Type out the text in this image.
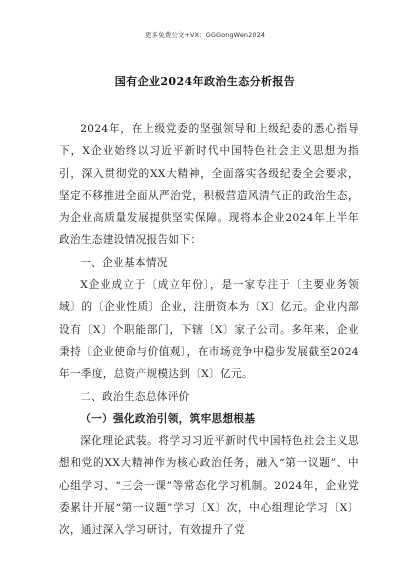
更多免费公文+VX：GGGongWen2024
国有企业2024年政治生态分析报告

2024年，在上级党委的坚强领导和上级纪委的悉心指导下，X企业始终以习近平新时代中国特色社会主义思想为指引，深入贯彻党的XX大精神，全面落实各级纪委全会要求，坚定不移推进全面从严治党，积极营造风清气正的政治生态，为企业高质量发展提供坚实保障。现将本企业2024年上半年政治生态建设情况报告如下：

一、企业基本情况

X企业成立于〔成立年份〕，是一家专注于〔主要业务领域〕的〔企业性质〕企业，注册资本为〔X〕亿元。企业内部设有〔X〕个职能部门，下辖〔X〕家子公司。多年来，企业秉持〔企业使命与价值观〕，在市场竞争中稳步发展截至2024年一季度，总资产规模达到〔X〕亿元。

二、政治生态总体评价

（一）强化政治引领，筑牢思想根基

深化理论武装。将学习习近平新时代中国特色社会主义思想和党的XX大精神作为核心政治任务，融入“第一议题”、中心组学习、“三会一课”等常态化学习机制。2024年，企业党委累计开展“第一议题”学习〔X〕次，中心组理论学习〔X〕次，通过深入学习研讨，有效提升了党
